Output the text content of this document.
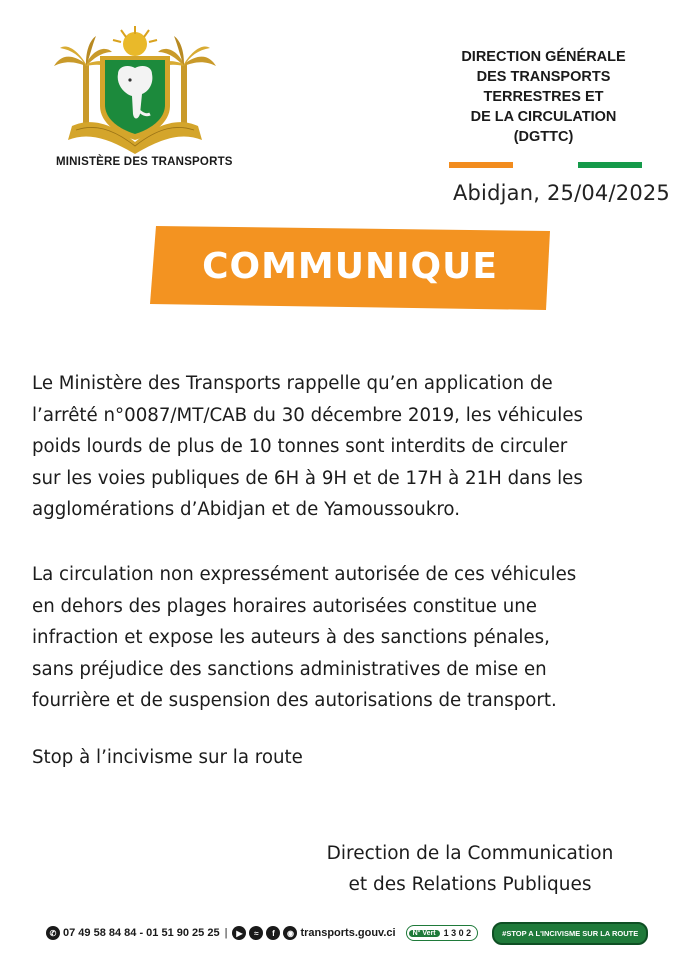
MINISTÈRE DES TRANSPORTS
DIRECTION GÉNÉRALE
DES TRANSPORTS
TERRESTRES ET
DE LA CIRCULATION
(DGTTC)
Abidjan, 25/04/2025
COMMUNIQUE
Le Ministère des Transports rappelle qu’en application de
l’arrêté n°0087/MT/CAB du 30 décembre 2019, les véhicules
poids lourds de plus de 10 tonnes sont interdits de circuler
sur les voies publiques de 6H à 9H et de 17H à 21H dans les
agglomérations d’Abidjan et de Yamoussoukro.
La circulation non expressément autorisée de ces véhicules
en dehors des plages horaires autorisées constitue une
infraction et expose les auteurs à des sanctions pénales,
sans préjudice des sanctions administratives de mise en
fourrière et de suspension des autorisations de transport.
Stop à l’incivisme sur la route
Direction de la Communication
et des Relations Publiques
✆ 07 49 58 84 84 - 01 51 90 25 25 |	▶	≈	f	◉ transports.gouv.ci	N° Vert 1 3 0 2	#STOP A L'INCIVISME SUR LA ROUTE
